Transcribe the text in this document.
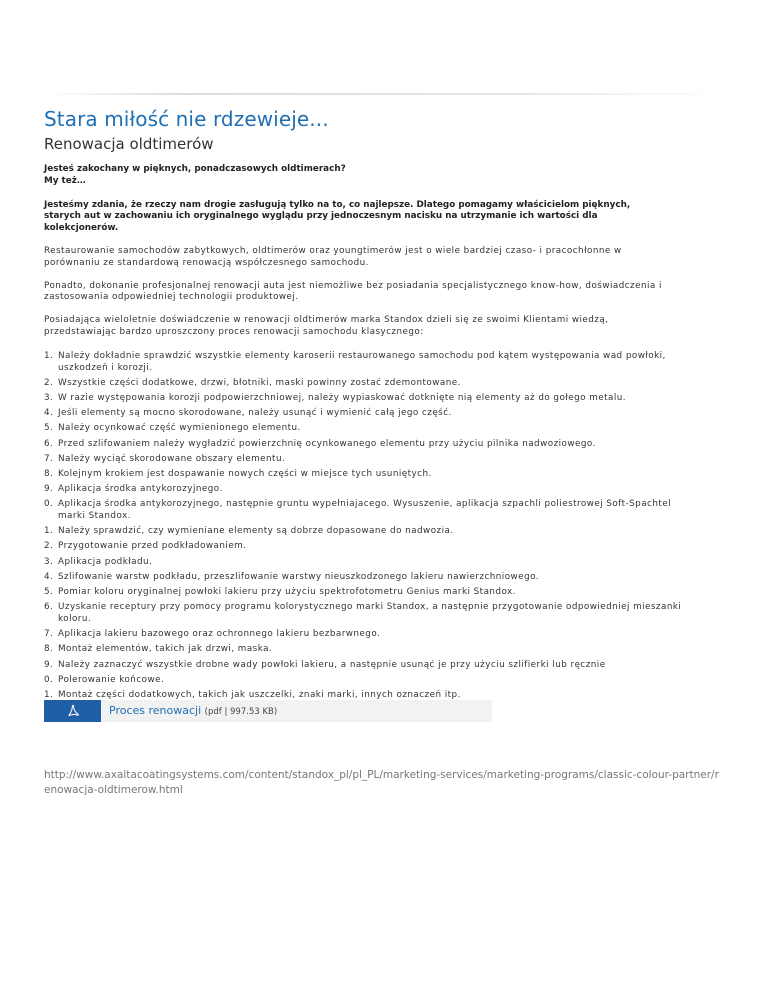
Stara miłość nie rdzewieje...
Renowacja oldtimerów

Jesteś zakochany w pięknych, ponadczasowych oldtimerach?
My też…

Jesteśmy zdania, że rzeczy nam drogie zasługują tylko na to, co najlepsze. Dlatego pomagamy właścicielom pięknych, starych aut w zachowaniu ich oryginalnego wyglądu przy jednoczesnym nacisku na utrzymanie ich wartości dla kolekcjonerów.

Restaurowanie samochodów zabytkowych, oldtimerów oraz youngtimerów jest o wiele bardziej czaso- i pracochłonne w porównaniu ze standardową renowacją współczesnego samochodu.

Ponadto, dokonanie profesjonalnej renowacji auta jest niemożliwe bez posiadania specjalistycznego know-how, doświadczenia i zastosowania odpowiedniej technologii produktowej.

Posiadająca wieloletnie doświadczenie w renowacji oldtimerów marka Standox dzieli się ze swoimi Klientami wiedzą, przedstawiając bardzo uproszczony proces renowacji samochodu klasycznego:

1. Należy dokładnie sprawdzić wszystkie elementy karoserii restaurowanego samochodu pod kątem występowania wad powłoki, uszkodzeń i korozji.
2. Wszystkie części dodatkowe, drzwi, błotniki, maski powinny zostać zdemontowane.
3. W razie występowania korozji podpowierzchniowej, należy wypiaskować dotknięte nią elementy aż do gołego metalu.
4. Jeśli elementy są mocno skorodowane, należy usunąć i wymienić całą jego część.
5. Należy ocynkować część wymienionego elementu.
6. Przed szlifowaniem należy wygładzić powierzchnię ocynkowanego elementu przy użyciu pilnika nadwoziowego.
7. Należy wyciąć skorodowane obszary elementu.
8. Kolejnym krokiem jest dospawanie nowych części w miejsce tych usuniętych.
9. Aplikacja środka antykorozyjnego.
0. Aplikacja środka antykorozyjnego, następnie gruntu wypełniajacego. Wysuszenie, aplikacja szpachli poliestrowej Soft-Spachtel marki Standox.
1. Należy sprawdzić, czy wymieniane elementy są dobrze dopasowane do nadwozia.
2. Przygotowanie przed podkładowaniem.
3. Aplikacja podkładu.
4. Szlifowanie warstw podkładu, przeszlifowanie warstwy nieuszkodzonego lakieru nawierzchniowego.
5. Pomiar koloru oryginalnej powłoki lakieru przy użyciu spektrofotometru Genius marki Standox.
6. Uzyskanie receptury przy pomocy programu kolorystycznego marki Standox, a następnie przygotowanie odpowiedniej mieszanki koloru.
7. Aplikacja lakieru bazowego oraz ochronnego lakieru bezbarwnego.
8. Montaż elementów, takich jak drzwi, maska.
9. Należy zaznaczyć wszystkie drobne wady powłoki lakieru, a następnie usunąć je przy użyciu szlifierki lub ręcznie
0. Polerowanie końcowe.
1. Montaż części dodatkowych, takich jak uszczelki, znaki marki, innych oznaczeń itp.
Proces renowacji (pdf | 997.53 KB)
http://www.axaltacoatingsystems.com/content/standox_pl/pl_PL/marketing-services/marketing-programs/classic-colour-partner/renowacja-oldtimerow.html
